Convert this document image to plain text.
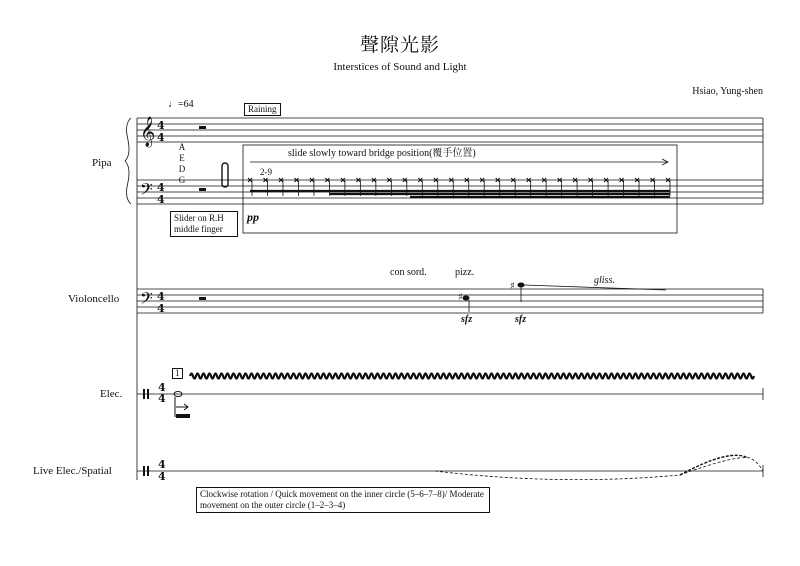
聲隙光影
Interstices of Sound and Light
Hsiao, Yung-shen
♩=64	Raining
Pipa
A
E
D
G
Slider on R.H middle finger
slide slowly toward bridge position(覆手位置)
2-9
pp
Violoncello
con sord.	pizz.
gliss.
sfz	sfz
Elec.
1
Live Elec./Spatial
Clockwise rotation / Quick movement on the inner circle (5–6–7–8)/ Moderate movement on the outer circle (1–2–3–4)
𝄞
𝄢
𝄢
4
4
4
4
4
4
4
4
4
4
♯
♯
